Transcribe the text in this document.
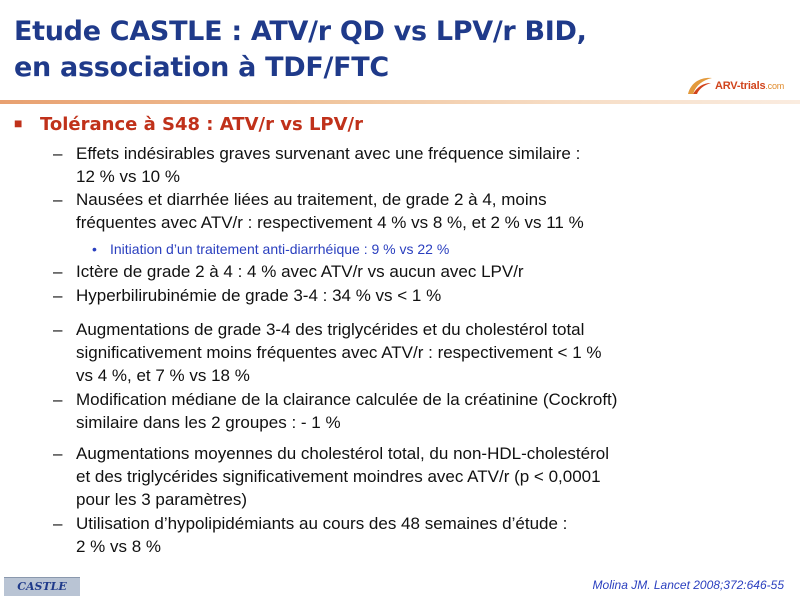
Etude CASTLE : ATV/r QD vs LPV/r BID,
en association à TDF/FTC
ARV-trials.com
■ Tolérance à S48 : ATV/r vs LPV/r
– Effets indésirables graves survenant avec une fréquence similaire :
12 % vs 10 %
– Nausées et diarrhée liées au traitement, de grade 2 à 4, moins
fréquentes avec ATV/r : respectivement 4 % vs 8 %, et 2 % vs 11 %
• Initiation d’un traitement anti-diarrhéique : 9 % vs 22 %
– Ictère de grade 2 à 4 : 4 % avec ATV/r vs aucun avec LPV/r
– Hyperbilirubinémie de grade 3-4 : 34 % vs < 1 %
– Augmentations de grade 3-4 des triglycérides et du cholestérol total
significativement moins fréquentes avec ATV/r : respectivement < 1 %
vs 4 %, et 7 % vs 18 %
– Modification médiane de la clairance calculée de la créatinine (Cockroft)
similaire dans les 2 groupes : - 1 %
– Augmentations moyennes du cholestérol total, du non-HDL-cholestérol
et des triglycérides significativement moindres avec ATV/r (p < 0,0001
pour les 3 paramètres)
– Utilisation d’hypolipidémiants au cours des 48 semaines d’étude :
2 % vs 8 %
CASTLE	Molina JM. Lancet 2008;372:646-55
